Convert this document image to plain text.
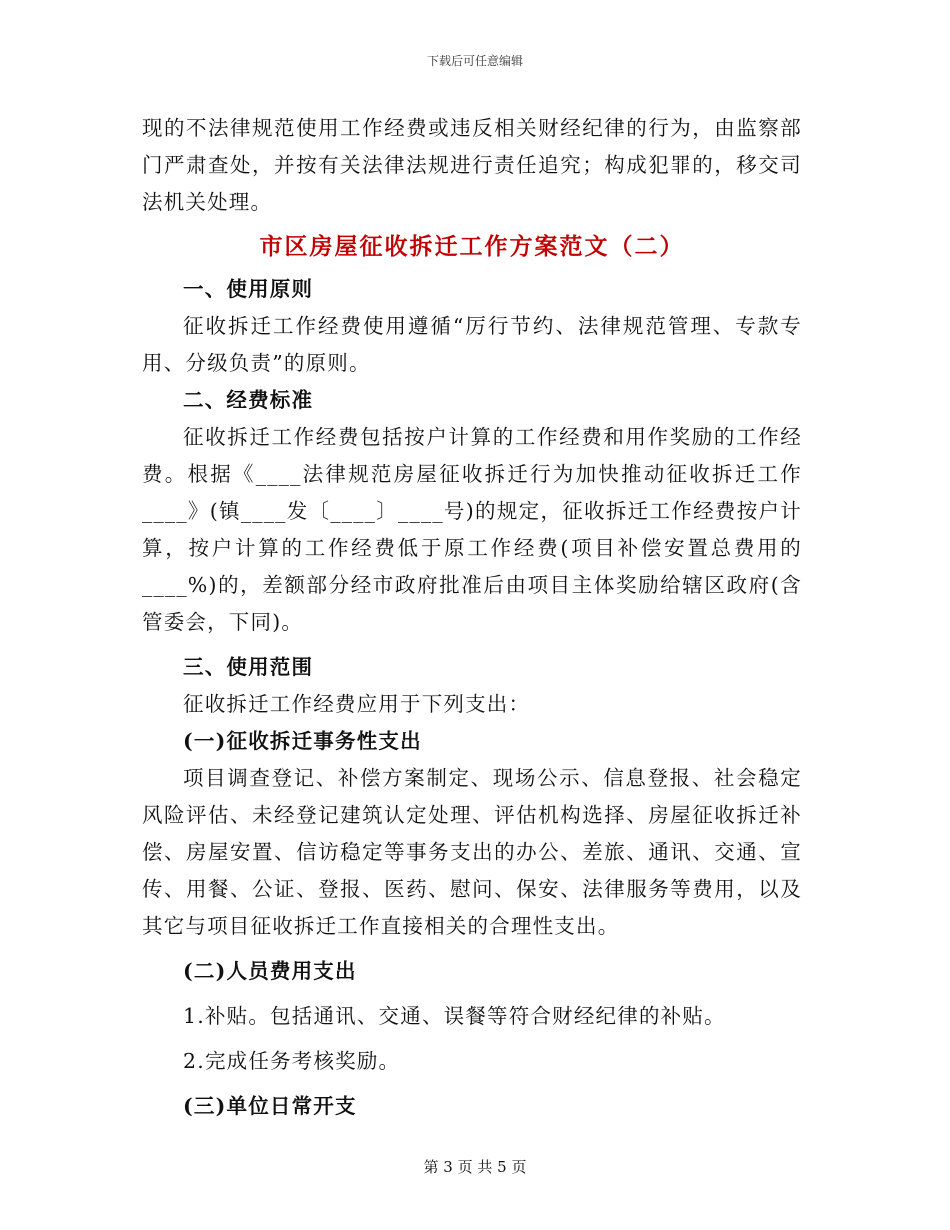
下载后可任意编辑

现的不法律规范使用工作经费或违反相关财经纪律的行为，由监察部门严肃查处，并按有关法律法规进行责任追究；构成犯罪的，移交司法机关处理。

市区房屋征收拆迁工作方案范文（二）

一、使用原则

征收拆迁工作经费使用遵循“厉行节约、法律规范管理、专款专用、分级负责”的原则。

二、经费标准

征收拆迁工作经费包括按户计算的工作经费和用作奖励的工作经费。根据《____法律规范房屋征收拆迁行为加快推动征收拆迁工作____》(镇____发〔____〕____号)的规定，征收拆迁工作经费按户计算，按户计算的工作经费低于原工作经费(项目补偿安置总费用的____%)的，差额部分经市政府批准后由项目主体奖励给辖区政府(含管委会，下同)。

三、使用范围

征收拆迁工作经费应用于下列支出：

(一)征收拆迁事务性支出

项目调查登记、补偿方案制定、现场公示、信息登报、社会稳定风险评估、未经登记建筑认定处理、评估机构选择、房屋征收拆迁补偿、房屋安置、信访稳定等事务支出的办公、差旅、通讯、交通、宣传、用餐、公证、登报、医药、慰问、保安、法律服务等费用，以及其它与项目征收拆迁工作直接相关的合理性支出。

(二)人员费用支出

1.补贴。包括通讯、交通、误餐等符合财经纪律的补贴。

2.完成任务考核奖励。

(三)单位日常开支

第 3 页 共 5 页
